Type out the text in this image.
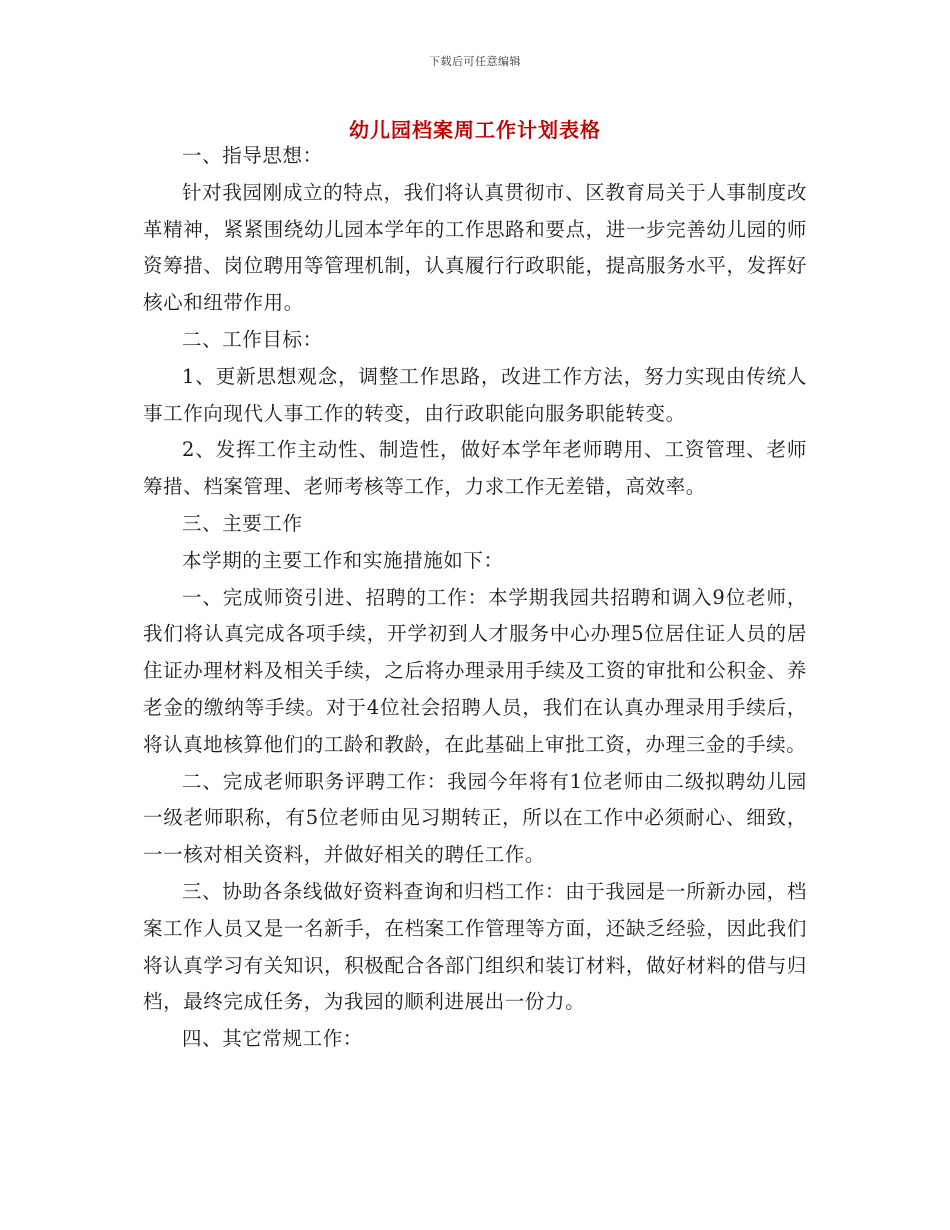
下载后可任意编辑
幼儿园档案周工作计划表格

一、指导思想：

针对我园刚成立的特点，我们将认真贯彻市、区教育局关于人事制度改革精神，紧紧围绕幼儿园本学年的工作思路和要点，进一步完善幼儿园的师资筹措、岗位聘用等管理机制，认真履行行政职能，提高服务水平，发挥好核心和纽带作用。

二、工作目标：

1、更新思想观念，调整工作思路，改进工作方法，努力实现由传统人事工作向现代人事工作的转变，由行政职能向服务职能转变。

2、发挥工作主动性、制造性，做好本学年老师聘用、工资管理、老师筹措、档案管理、老师考核等工作，力求工作无差错，高效率。

三、主要工作

本学期的主要工作和实施措施如下：

一、完成师资引进、招聘的工作：本学期我园共招聘和调入9位老师，我们将认真完成各项手续，开学初到人才服务中心办理5位居住证人员的居住证办理材料及相关手续，之后将办理录用手续及工资的审批和公积金、养老金的缴纳等手续。对于4位社会招聘人员，我们在认真办理录用手续后，将认真地核算他们的工龄和教龄，在此基础上审批工资，办理三金的手续。

二、完成老师职务评聘工作：我园今年将有1位老师由二级拟聘幼儿园一级老师职称，有5位老师由见习期转正，所以在工作中必须耐心、细致，一一核对相关资料，并做好相关的聘任工作。

三、协助各条线做好资料查询和归档工作：由于我园是一所新办园，档案工作人员又是一名新手，在档案工作管理等方面，还缺乏经验，因此我们将认真学习有关知识，积极配合各部门组织和装订材料，做好材料的借与归档，最终完成任务，为我园的顺利进展出一份力。

四、其它常规工作：
